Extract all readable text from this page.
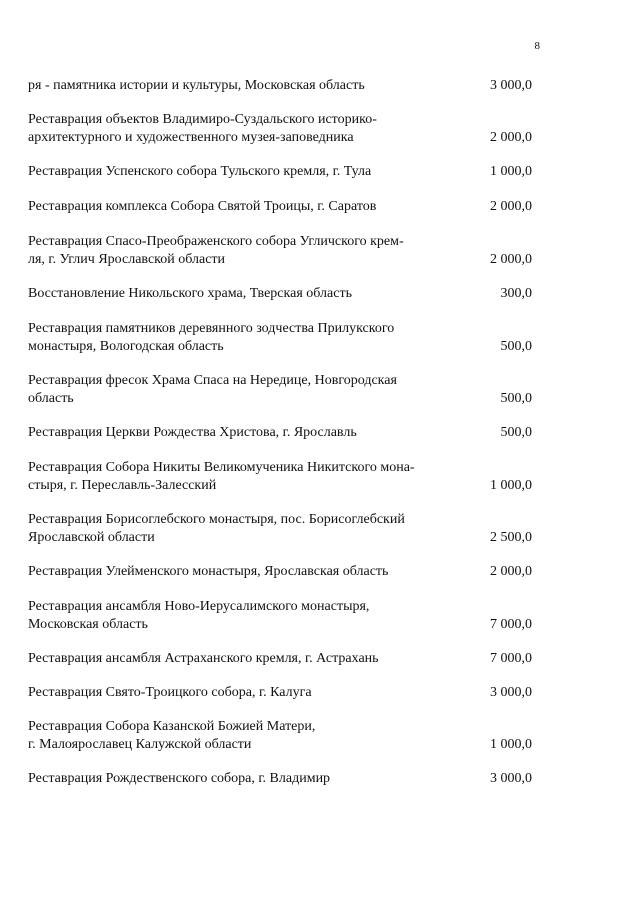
8
ря - памятника истории и культуры, Московская область	3 000,0
Реставрация объектов Владимиро-Суздальского историко-
архитектурного и художественного музея-заповедника	2 000,0
Реставрация Успенского собора Тульского кремля, г. Тула	1 000,0
Реставрация комплекса Собора Святой Троицы, г. Саратов	2 000,0
Реставрация Спасо-Преображенского собора Угличского крем-
ля, г. Углич Ярославской области	2 000,0
Восстановление Никольского храма, Тверская область	300,0
Реставрация памятников деревянного зодчества Прилукского
монастыря, Вологодская область	500,0
Реставрация фресок Храма Спаса на Нередице, Новгородская
область	500,0
Реставрация Церкви Рождества Христова, г. Ярославль	500,0
Реставрация Собора Никиты Великомученика Никитского мона-
стыря, г. Переславль-Залесский	1 000,0
Реставрация Борисоглебского монастыря, пос. Борисоглебский
Ярославской области	2 500,0
Реставрация Улейменского монастыря, Ярославская область	2 000,0
Реставрация ансамбля Ново-Иерусалимского монастыря,
Московская область	7 000,0
Реставрация ансамбля Астраханского кремля, г. Астрахань	7 000,0
Реставрация Свято-Троицкого собора, г. Калуга	3 000,0
Реставрация Собора Казанской Божией Матери,
г. Малоярославец Калужской области	1 000,0
Реставрация Рождественского собора, г. Владимир	3 000,0
